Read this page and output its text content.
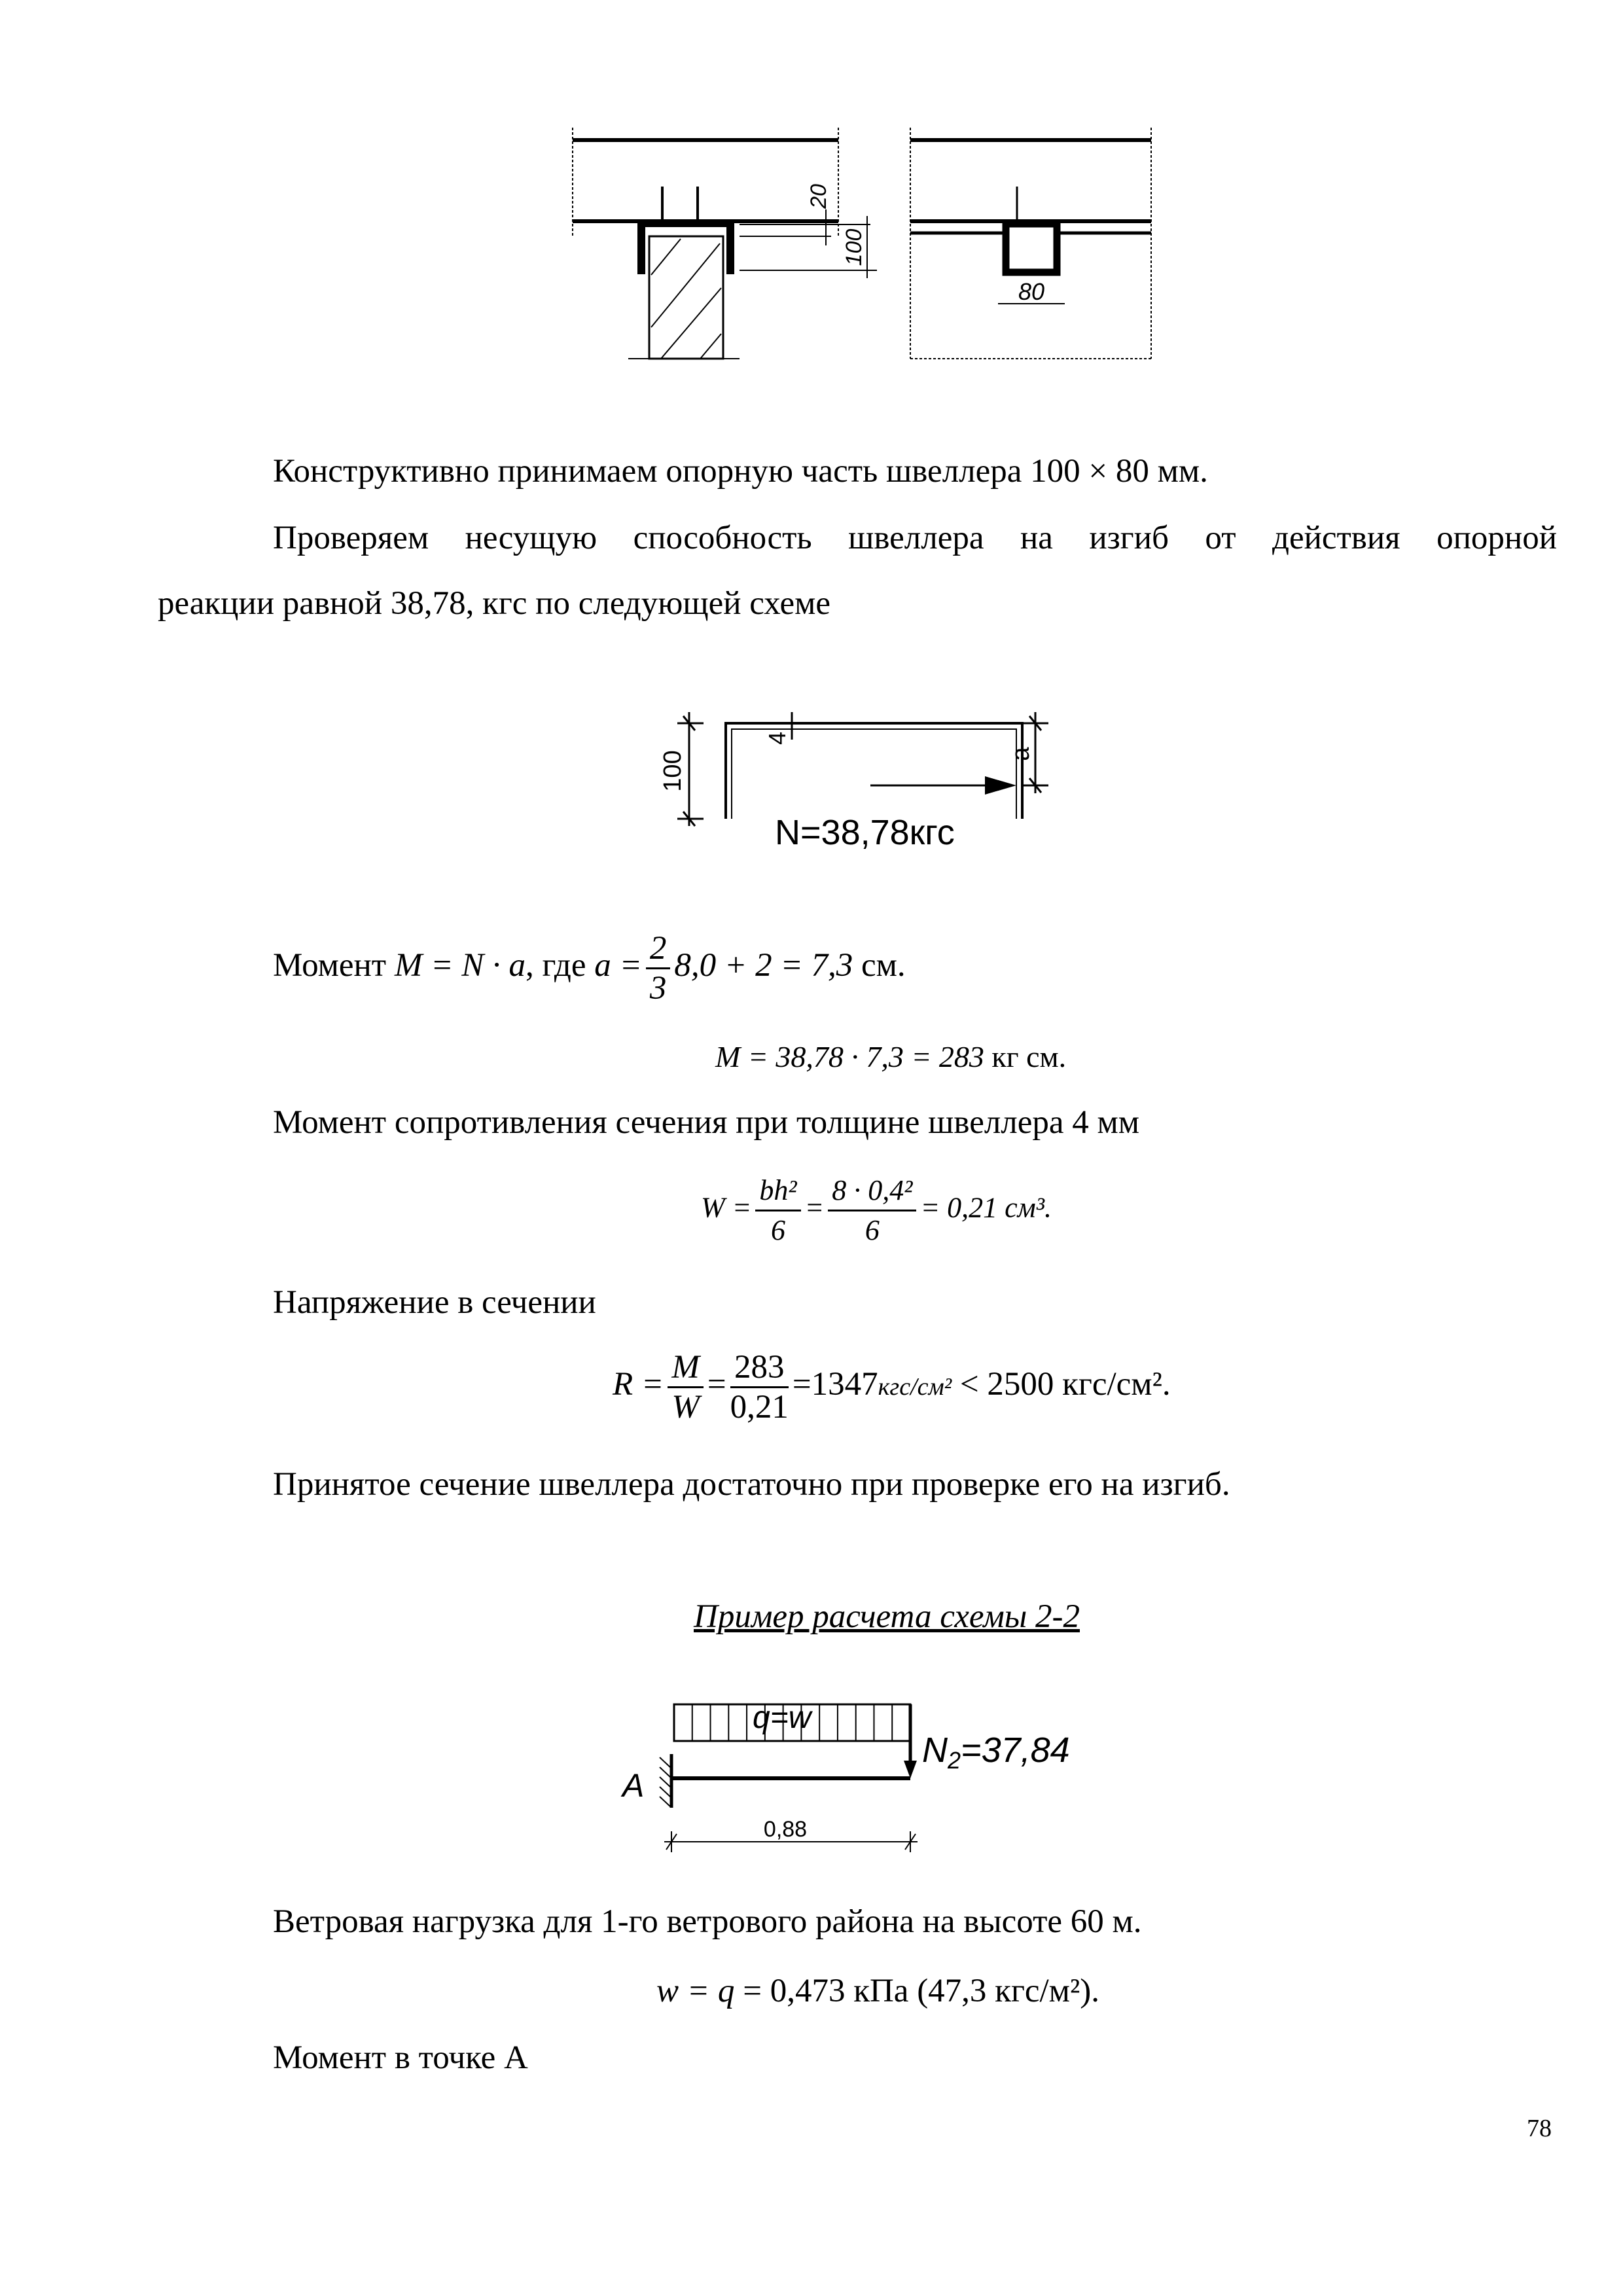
20
100
80
Конструктивно принимаем опорную часть швеллера 100 × 80 мм.
Проверяем несущую способность швеллера на изгиб от действия опорной
реакции равной 38,78, кгс по следующей схеме
100
4
a
N=38,78кгс
Момент M = N · a, где $a = \frac{2}{3} 8,0 + 2 = 7,3$ см.
M = 38,78 · 7,3 = 283 кг см.
Момент сопротивления сечения при толщине швеллера 4 мм
$W = \frac{\text{bh²}}{6} = \frac{\text{8 · 0,4²}}{6} = 0,21$ см³.
Напряжение в сечении
$R = \frac{M}{W} = \frac{283}{0,21} =1347кгс/см^2 < 2500$ кгс/см².
Принятое сечение швеллера достаточно при проверке его на изгиб.
Пример расчета схемы 2-2
q=w
A
N2=37,84
0,88
Ветровая нагрузка для 1-го ветрового района на высоте 60 м.
w = q = 0,473 кПа (47,3 кгс/м²).
Момент в точке А
78
